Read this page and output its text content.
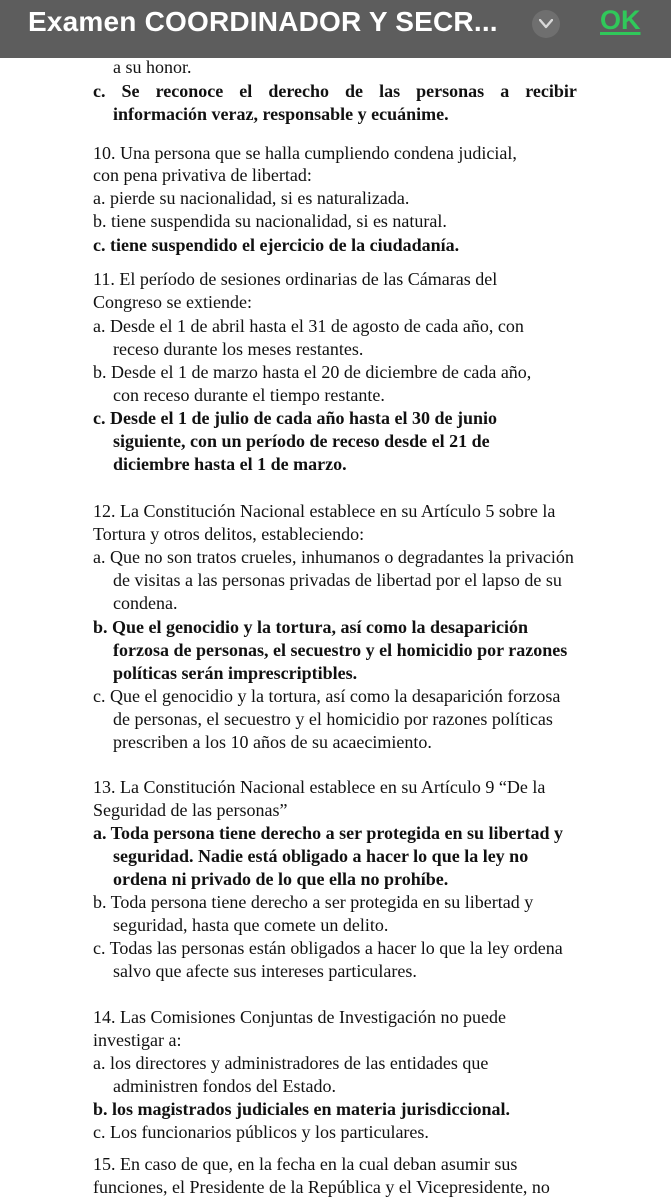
Examen COORDINADOR Y SECR...	OK
a su honor.
c. Se reconoce el derecho de las personas a recibir
información veraz, responsable y ecuánime.
10. Una persona que se halla cumpliendo condena judicial,
con pena privativa de libertad:
a. pierde su nacionalidad, si es naturalizada.
b. tiene suspendida su nacionalidad, si es natural.
c. tiene suspendido el ejercicio de la ciudadanía.
11. El período de sesiones ordinarias de las Cámaras del
Congreso se extiende:
a. Desde el 1 de abril hasta el 31 de agosto de cada año, con
receso durante los meses restantes.
b. Desde el 1 de marzo hasta el 20 de diciembre de cada año,
con receso durante el tiempo restante.
c. Desde el 1 de julio de cada año hasta el 30 de junio
siguiente, con un período de receso desde el 21 de
diciembre hasta el 1 de marzo.
12. La Constitución Nacional establece en su Artículo 5 sobre la
Tortura y otros delitos, estableciendo:
a. Que no son tratos crueles, inhumanos o degradantes la privación
de visitas a las personas privadas de libertad por el lapso de su
condena.
b. Que el genocidio y la tortura, así como la desaparición
forzosa de personas, el secuestro y el homicidio por razones
políticas serán imprescriptibles.
c. Que el genocidio y la tortura, así como la desaparición forzosa
de personas, el secuestro y el homicidio por razones políticas
prescriben a los 10 años de su acaecimiento.
13. La Constitución Nacional establece en su Artículo 9 “De la
Seguridad de las personas”
a. Toda persona tiene derecho a ser protegida en su libertad y
seguridad. Nadie está obligado a hacer lo que la ley no
ordena ni privado de lo que ella no prohíbe.
b. Toda persona tiene derecho a ser protegida en su libertad y
seguridad, hasta que comete un delito.
c. Todas las personas están obligados a hacer lo que la ley ordena
salvo que afecte sus intereses particulares.
14. Las Comisiones Conjuntas de Investigación no puede
investigar a:
a. los directores y administradores de las entidades que
administren fondos del Estado.
b. los magistrados judiciales en materia jurisdiccional.
c. Los funcionarios públicos y los particulares.
15. En caso de que, en la fecha en la cual deban asumir sus
funciones, el Presidente de la República y el Vicepresidente, no
